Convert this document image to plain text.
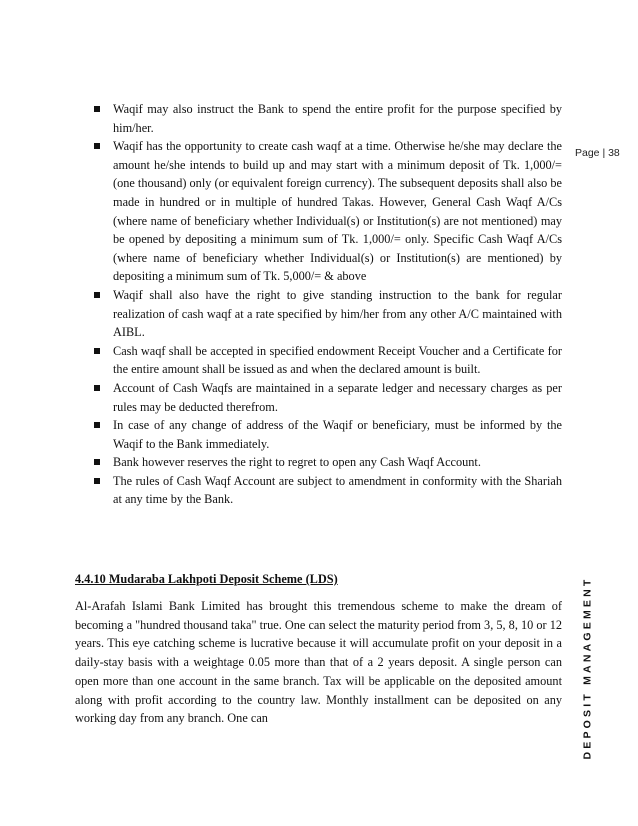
Page | 38
DEPOSIT MANAGEMENT
Waqif may also instruct the Bank to spend the entire profit for the purpose specified by him/her.
Waqif has the opportunity to create cash waqf at a time. Otherwise he/she may declare the amount he/she intends to build up and may start with a minimum deposit of Tk. 1,000/= (one thousand) only (or equivalent foreign currency). The subsequent deposits shall also be made in hundred or in multiple of hundred Takas. However, General Cash Waqf A/Cs (where name of beneficiary whether Individual(s) or Institution(s) are not mentioned) may be opened by depositing a minimum sum of Tk. 1,000/= only. Specific Cash Waqf A/Cs (where name of beneficiary whether Individual(s) or Institution(s) are mentioned) by depositing a minimum sum of Tk. 5,000/= & above
Waqif shall also have the right to give standing instruction to the bank for regular realization of cash waqf at a rate specified by him/her from any other A/C maintained with AIBL.
Cash waqf shall be accepted in specified endowment Receipt Voucher and a Certificate for the entire amount shall be issued as and when the declared amount is built.
Account of Cash Waqfs are maintained in a separate ledger and necessary charges as per rules may be deducted therefrom.
In case of any change of address of the Waqif or beneficiary, must be informed by the Waqif to the Bank immediately.
Bank however reserves the right to regret to open any Cash Waqf Account.
The rules of Cash Waqf Account are subject to amendment in conformity with the Shariah at any time by the Bank.
4.4.10 Mudaraba Lakhpoti Deposit Scheme (LDS)

Al-Arafah Islami Bank Limited has brought this tremendous scheme to make the dream of becoming a "hundred thousand taka" true. One can select the maturity period from 3, 5, 8, 10 or 12 years. This eye catching scheme is lucrative because it will accumulate profit on your deposit in a daily-stay basis with a weightage 0.05 more than that of a 2 years deposit. A single person can open more than one account in the same branch. Tax will be applicable on the deposited amount along with profit according to the country law. Monthly installment can be deposited on any working day from any branch. One can
